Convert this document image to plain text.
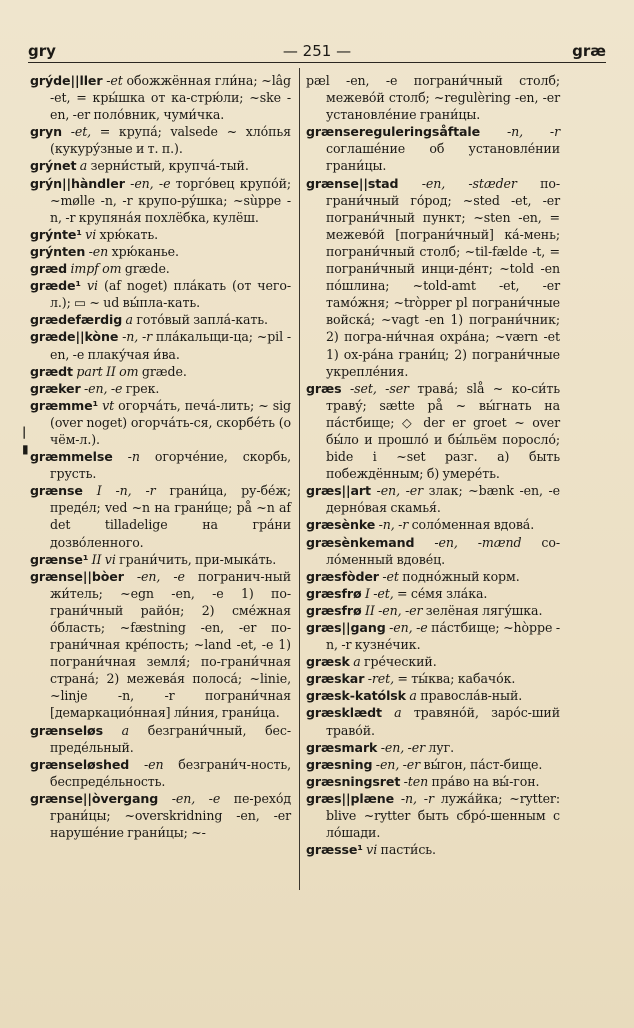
gry	— 251 —	græ
|
▮

grýde||ller -et обожжённая гли́на; ~lâg -et, = кры́шка от ка-стрю́ли; ~ske -en, -er поло́вник, чуми́чка.

gryn -et, = крупа́; valsede ~ хло́пья (кукуру́зные и т. п.).

grýnet a зерни́стый, крупча́-тый.

grýn||hàndler -en, -e торго́вец крупо́й; ~mølle -n, -r крупо-ру́шка; ~sùppe -n, -r крупяна́я похлёбка, кулёш.

grýnte¹ vi хрю́кать.

grýnten -en хрю́канье.

græd impf om græde.

græde¹ vi (af noget) пла́кать (от чего-л.); ▭ ~ ud вы́пла-кать.

grædefærdig a гото́вый запла́-кать.

græde||kòne -n, -r пла́кальщи-ца; ~pil -en, -e плаку́чая и́ва.

grædt part II om græde.

græker -en, -e грек.

græmme¹ vt огорча́ть, печа́-лить; ~ sig (over noget) огорча́ть-ся, скорбе́ть (о чём-л.).

græmmelse -n огорче́ние, скорбь, грусть.

grænse I -n, -r грани́ца, ру-бе́ж; преде́л; ved ~n на грани́це; på ~n af det tilladelige на гра́ни дозво́ленного.

grænse¹ II vi грани́чить, при-мыка́ть.

grænse||bòer -en, -e погранич-ный жи́тель; ~egn -en, -e 1) по-грани́чный райо́н; 2) сме́жная о́бласть; ~fæstning -en, -er по-грани́чная кре́пость; ~land -et, -e 1) пограни́чная земля́; по-грани́чная страна́; 2) межева́я полоса́; ~linie, ~linje -n, -r пограни́чная [демаркацио́нная] ли́ния, грани́ца.

grænseløs a безграни́чный, бес-преде́льный.

grænseløshed -en безграни́ч-ность, беспреде́льность.

grænse||òvergang -en, -e пе-рехо́д грани́цы; ~overskridning -en, -er наруше́ние грани́цы; ~-

pæl -en, -e пограни́чный столб; межево́й столб; ~regulèring -en, -er установле́ние грани́цы.

grænsereguleringsåftale -n, -r соглаше́ние об установле́нии грани́цы.

grænse||stad -en, -stæder по-грани́чный го́род; ~sted -et, -er пограни́чный пункт; ~sten -en, = межево́й [пограни́чный] ка́-мень; пограни́чный столб; ~til-fælde -t, = пограни́чный инци-де́нт; ~told -en по́шлина; ~told-amt -et, -er тамо́жня; ~tròpper pl пограни́чные войска́; ~vagt -en 1) пограни́чник; 2) погра-ни́чная охра́на; ~værn -et 1) ох-ра́на грани́ц; 2) пограни́чные укрепле́ния.

græs -set, -ser трава́; slå ~ ко-си́ть траву́; sætte på ~ вы́гнать на па́стбище; ◇ der er groet ~ over бы́ло и прошло́ и бы́льём поросло́; bide i ~set разг. а) быть побеждённым; б) умере́ть.

græs||art -en, -er злак; ~bænk -en, -e дерно́вая скамья́.

græsènke -n, -r соло́менная вдова́.

græsènkemand -en, -mænd со-ло́менный вдове́ц.

græsfòder -et подно́жный корм.

græsfrø I -et, = се́мя зла́ка.

græsfrø II -en, -er зелёная лягу́шка.

græs||gang -en, -e па́стбище; ~hòppe -n, -r кузне́чик.

græsk a гре́ческий.

græskar -ret, = ты́ква; кабачо́к.

græsk-katólsk a правосла́в-ный.

græsklædt a травяно́й, заро́с-ший траво́й.

græsmark -en, -er луг.

græsning -en, -er вы́гон, па́ст-бище.

græsningsret -ten пра́во на вы́-гон.

græs||plæne -n, -r лужа́йка; ~rytter: blive ~rytter быть сбро́-шенным с ло́шади.

græsse¹ vi пасти́сь.
